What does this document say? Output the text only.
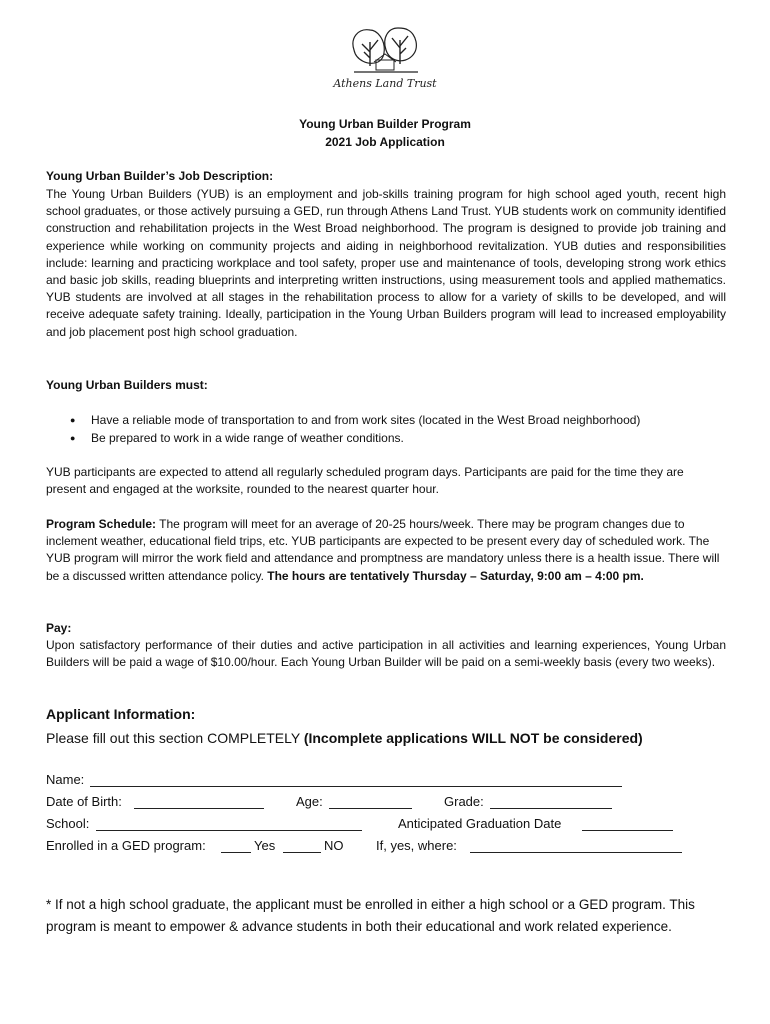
Athens Land Trust
Young Urban Builder Program
2021 Job Application
Young Urban Builder’s Job Description:

The Young Urban Builders (YUB) is an employment and job-skills training program for high school aged youth, recent high school graduates, or those actively pursuing a GED, run through Athens Land Trust. YUB students work on community identified construction and rehabilitation projects in the West Broad neighborhood. The program is designed to provide job training and experience while working on community projects and aiding in neighborhood revitalization. YUB duties and responsibilities include: learning and practicing workplace and tool safety, proper use and maintenance of tools, developing strong work ethics and basic job skills, reading blueprints and interpreting written instructions, using measurement tools and applied mathematics. YUB students are involved at all stages in the rehabilitation process to allow for a variety of skills to be developed, and will receive adequate safety training. Ideally, participation in the Young Urban Builders program will lead to increased employability and job placement post high school graduation.

Young Urban Builders must:
● Have a reliable mode of transportation to and from work sites (located in the West Broad neighborhood)
● Be prepared to work in a wide range of weather conditions.

YUB participants are expected to attend all regularly scheduled program days. Participants are paid for the time they are present and engaged at the worksite, rounded to the nearest quarter hour.

Program Schedule: The program will meet for an average of 20-25 hours/week. There may be program changes due to inclement weather, educational field trips, etc. YUB participants are expected to be present every day of scheduled work. The YUB program will mirror the work field and attendance and promptness are mandatory unless there is a health issue. There will be a discussed written attendance policy. The hours are tentatively Thursday – Saturday, 9:00 am – 4:00 pm.

Pay:

Upon satisfactory performance of their duties and active participation in all activities and learning experiences, Young Urban Builders will be paid a wage of $10.00/hour. Each Young Urban Builder will be paid on a semi-weekly basis (every two weeks).

Applicant Information:
Please fill out this section COMPLETELY (Incomplete applications WILL NOT be considered)
Name:
Date of Birth:	Age:	Grade:
School:	Anticipated Graduation Date
Enrolled in a GED program:	Yes	NO	If, yes, where:

* If not a high school graduate, the applicant must be enrolled in either a high school or a GED program. This program is meant to empower & advance students in both their educational and work related experience.
